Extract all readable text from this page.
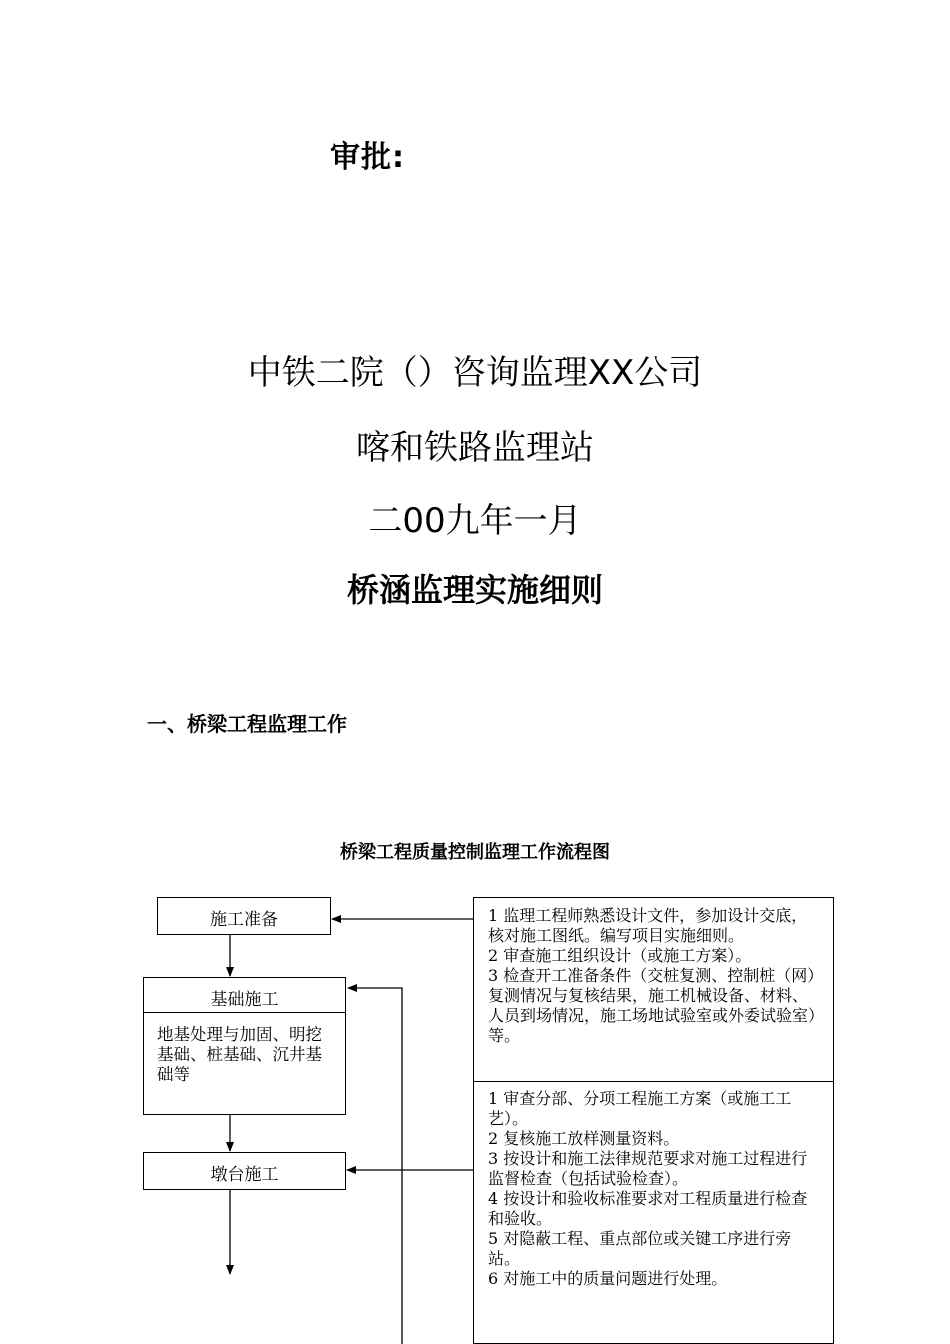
审批:
中铁二院（）咨询监理XX公司
喀和铁路监理站
二00九年一月
桥涵监理实施细则
一、桥梁工程监理工作
桥梁工程质量控制监理工作流程图
施工准备
基础施工
地基处理与加固、明挖基础、桩基础、沉井基础等
墩台施工

1 监理工程师熟悉设计文件，参加设计交底，核对施工图纸。编写项目实施细则。

2 审查施工组织设计（或施工方案）。

3 检查开工准备条件（交桩复测、控制桩（网）复测情况与复核结果，施工机械设备、材料、人员到场情况，施工场地试验室或外委试验室）等。

1 审查分部、分项工程施工方案（或施工工艺）。

2 复核施工放样测量资料。

3 按设计和施工法律规范要求对施工过程进行监督检查（包括试验检查）。

4 按设计和验收标准要求对工程质量进行检查和验收。

5 对隐蔽工程、重点部位或关键工序进行旁站。

6 对施工中的质量问题进行处理。
